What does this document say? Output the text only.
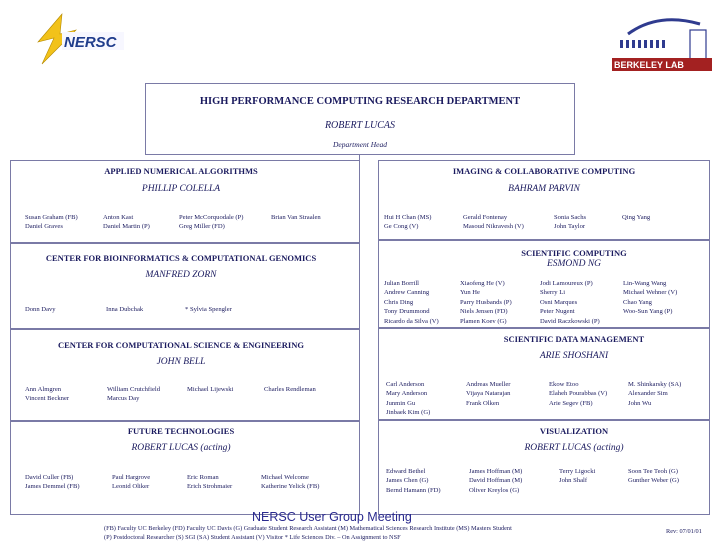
NERSC
BERKELEY LAB
HIGH PERFORMANCE COMPUTING RESEARCH DEPARTMENT
ROBERT LUCAS
Department Head
APPLIED NUMERICAL ALGORITHMS
PHILLIP COLELLA
Susan Graham (FB)
Daniel Graves
Anton Kast
Daniel Martin (P)
Peter McCorquodale (P)
Greg Miller (FD)
Brian Van Straalen
CENTER FOR BIOINFORMATICS & COMPUTATIONAL GENOMICS
MANFRED ZORN
Donn Davy	Inna Dubchak	* Sylvia Spengler
CENTER FOR COMPUTATIONAL SCIENCE & ENGINEERING
JOHN BELL
Ann Almgren
Vincent Beckner
William Crutchfield
Marcus Day
Michael Lijewski	Charles Rendleman
FUTURE TECHNOLOGIES
ROBERT LUCAS (acting)
David Culler (FB)
James Demmel (FB)
Paul Hargrove
Leonid Oliker
Eric Roman
Erich Strohmaier
Michael Welcome
Katherine Yelick (FB)
IMAGING & COLLABORATIVE COMPUTING
BAHRAM PARVIN
Hui H Chan (MS)
Ge Cong (V)
Gerald Fontenay
Masoud Nikravesh (V)
Sonia Sachs
John Taylor
Qing Yang
SCIENTIFIC COMPUTING
ESMOND NG
Julian Borrill
Andrew Canning
Chris Ding
Tony Drummond
Ricardo da Silva (V)
Xiaofeng He (V)
Yun He
Parry Husbands (P)
Niels Jensen (FD)
Plamen Koev (G)
Jodi Lamoureux (P)
Sherry Li
Osni Marques
Peter Nugent
David Raczkowski (P)
Lin-Wang Wang
Michael Wehner (V)
Chao Yang
Woo-Sun Yang (P)
SCIENTIFIC DATA MANAGEMENT
ARIE SHOSHANI
Carl Anderson
Mary Anderson
Junmin Gu
Jinbaek Kim (G)
Andreas Mueller
Vijaya Natarajan
Frank Olken
Ekow Etoo
Elaheh Pourabbas (V)
Arie Segev (FB)
M. Shinkarsky (SA)
Alexander Sim
John Wu
VISUALIZATION
ROBERT LUCAS (acting)
Edward Bethel
James Chen (G)
Bernd Hamann (FD)
James Hoffman (M)
David Hoffman (M)
Oliver Kreylos (G)
Terry Ligocki
John Shalf
Soon Tee Teoh (G)
Gunther Weber (G)
NERSC User Group Meeting
(FB) Faculty UC Berkeley (FD) Faculty UC Davis (G) Graduate Student Research Assistant (M) Mathematical Sciences Research Institute (MS) Masters Student	Rev: 07/01/01
(P) Postdoctoral Researcher (S) SGI (SA) Student Assistant (V) Visitor * Life Sciences Div. – On Assignment to NSF
